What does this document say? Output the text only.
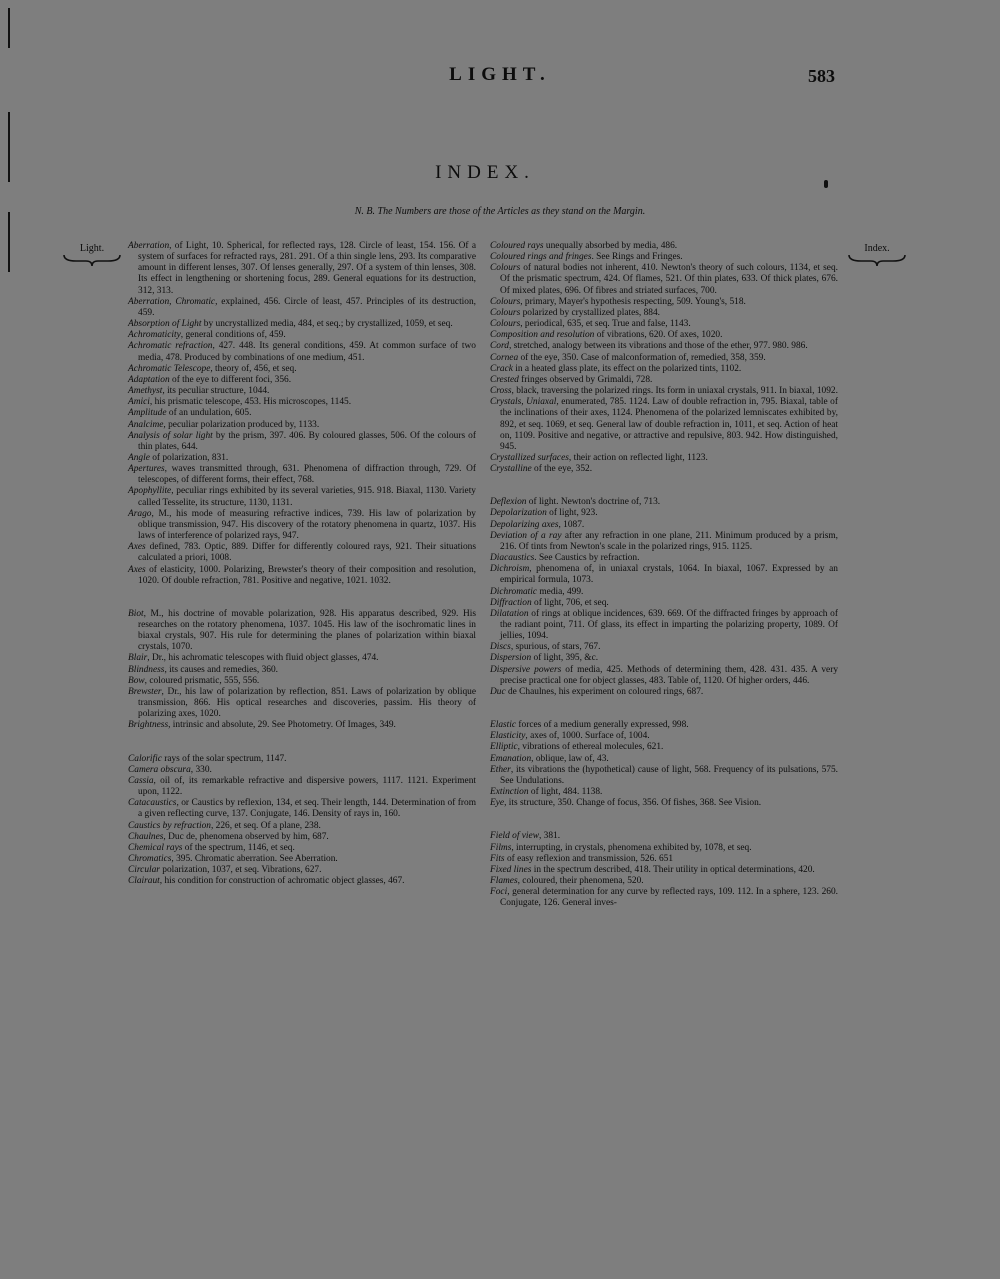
LIGHT.	583
INDEX.
N. B. The Numbers are those of the Articles as they stand on the Margin.
Light.	Index.

Aberration, of Light, 10. Spherical, for reflected rays, 128. Circle of least, 154. 156. Of a system of surfaces for refracted rays, 281. 291. Of a thin single lens, 293. Its comparative amount in different lenses, 307. Of lenses generally, 297. Of a system of thin lenses, 308. Its effect in lengthening or shortening focus, 289. General equations for its destruction, 312, 313.

Aberration, Chromatic, explained, 456. Circle of least, 457. Principles of its destruction, 459.

Absorption of Light by uncrystallized media, 484, et seq.; by crystallized, 1059, et seq.

Achromaticity, general conditions of, 459.

Achromatic refraction, 427. 448. Its general conditions, 459. At common surface of two media, 478. Produced by combinations of one medium, 451.

Achromatic Telescope, theory of, 456, et seq.

Adaptation of the eye to different foci, 356.

Amethyst, its peculiar structure, 1044.

Amici, his prismatic telescope, 453. His microscopes, 1145.

Amplitude of an undulation, 605.

Analcime, peculiar polarization produced by, 1133.

Analysis of solar light by the prism, 397. 406. By coloured glasses, 506. Of the colours of thin plates, 644.

Angle of polarization, 831.

Apertures, waves transmitted through, 631. Phenomena of diffraction through, 729. Of telescopes, of different forms, their effect, 768.

Apophyllite, peculiar rings exhibited by its several varieties, 915. 918. Biaxal, 1130. Variety called Tesselite, its structure, 1130, 1131.

Arago, M., his mode of measuring refractive indices, 739. His law of polarization by oblique transmission, 947. His discovery of the rotatory phenomena in quartz, 1037. His laws of interference of polarized rays, 947.

Axes defined, 783. Optic, 889. Differ for differently coloured rays, 921. Their situations calculated a priori, 1008.

Axes of elasticity, 1000. Polarizing, Brewster's theory of their composition and resolution, 1020. Of double refraction, 781. Positive and negative, 1021. 1032.

Biot, M., his doctrine of movable polarization, 928. His apparatus described, 929. His researches on the rotatory phenomena, 1037. 1045. His law of the isochromatic lines in biaxal crystals, 907. His rule for determining the planes of polarization within biaxal crystals, 1070.

Blair, Dr., his achromatic telescopes with fluid object glasses, 474.

Blindness, its causes and remedies, 360.

Bow, coloured prismatic, 555, 556.

Brewster, Dr., his law of polarization by reflection, 851. Laws of polarization by oblique transmission, 866. His optical researches and discoveries, passim. His theory of polarizing axes, 1020.

Brightness, intrinsic and absolute, 29. See Photometry. Of Images, 349.

Calorific rays of the solar spectrum, 1147.

Camera obscura, 330.

Cassia, oil of, its remarkable refractive and dispersive powers, 1117. 1121. Experiment upon, 1122.

Catacaustics, or Caustics by reflexion, 134, et seq. Their length, 144. Determination of from a given reflecting curve, 137. Conjugate, 146. Density of rays in, 160.

Caustics by refraction, 226, et seq. Of a plane, 238.

Chaulnes, Duc de, phenomena observed by him, 687.

Chemical rays of the spectrum, 1146, et seq.

Chromatics, 395. Chromatic aberration. See Aberration.

Circular polarization, 1037, et seq. Vibrations, 627.

Clairaut, his condition for construction of achromatic object glasses, 467.

Coloured rays unequally absorbed by media, 486.

Coloured rings and fringes. See Rings and Fringes.

Colours of natural bodies not inherent, 410. Newton's theory of such colours, 1134, et seq. Of the prismatic spectrum, 424. Of flames, 521. Of thin plates, 633. Of thick plates, 676. Of mixed plates, 696. Of fibres and striated surfaces, 700.

Colours, primary, Mayer's hypothesis respecting, 509. Young's, 518.

Colours polarized by crystallized plates, 884.

Colours, periodical, 635, et seq. True and false, 1143.

Composition and resolution of vibrations, 620. Of axes, 1020.

Cord, stretched, analogy between its vibrations and those of the ether, 977. 980. 986.

Cornea of the eye, 350. Case of malconformation of, remedied, 358, 359.

Crack in a heated glass plate, its effect on the polarized tints, 1102.

Crested fringes observed by Grimaldi, 728.

Cross, black, traversing the polarized rings. Its form in uniaxal crystals, 911. In biaxal, 1092.

Crystals, Uniaxal, enumerated, 785. 1124. Law of double refraction in, 795. Biaxal, table of the inclinations of their axes, 1124. Phenomena of the polarized lemniscates exhibited by, 892, et seq. 1069, et seq. General law of double refraction in, 1011, et seq. Action of heat on, 1109. Positive and negative, or attractive and repulsive, 803. 942. How distinguished, 945.

Crystallized surfaces, their action on reflected light, 1123.

Crystalline of the eye, 352.

Deflexion of light. Newton's doctrine of, 713.

Depolarization of light, 923.

Depolarizing axes, 1087.

Deviation of a ray after any refraction in one plane, 211. Minimum produced by a prism, 216. Of tints from Newton's scale in the polarized rings, 915. 1125.

Diacaustics. See Caustics by refraction.

Dichroism, phenomena of, in uniaxal crystals, 1064. In biaxal, 1067. Expressed by an empirical formula, 1073.

Dichromatic media, 499.

Diffraction of light, 706, et seq.

Dilatation of rings at oblique incidences, 639. 669. Of the diffracted fringes by approach of the radiant point, 711. Of glass, its effect in imparting the polarizing property, 1089. Of jellies, 1094.

Discs, spurious, of stars, 767.

Dispersion of light, 395, &c.

Dispersive powers of media, 425. Methods of determining them, 428. 431. 435. A very precise practical one for object glasses, 483. Table of, 1120. Of higher orders, 446.

Duc de Chaulnes, his experiment on coloured rings, 687.

Elastic forces of a medium generally expressed, 998.

Elasticity, axes of, 1000. Surface of, 1004.

Elliptic, vibrations of ethereal molecules, 621.

Emanation, oblique, law of, 43.

Ether, its vibrations the (hypothetical) cause of light, 568. Frequency of its pulsations, 575. See Undulations.

Extinction of light, 484. 1138.

Eye, its structure, 350. Change of focus, 356. Of fishes, 368. See Vision.

Field of view, 381.

Films, interrupting, in crystals, phenomena exhibited by, 1078, et seq.

Fits of easy reflexion and transmission, 526. 651

Fixed lines in the spectrum described, 418. Their utility in optical determinations, 420.

Flames, coloured, their phenomena, 520.

Foci, general determination for any curve by reflected rays, 109. 112. In a sphere, 123. 260. Conjugate, 126. General inves-
